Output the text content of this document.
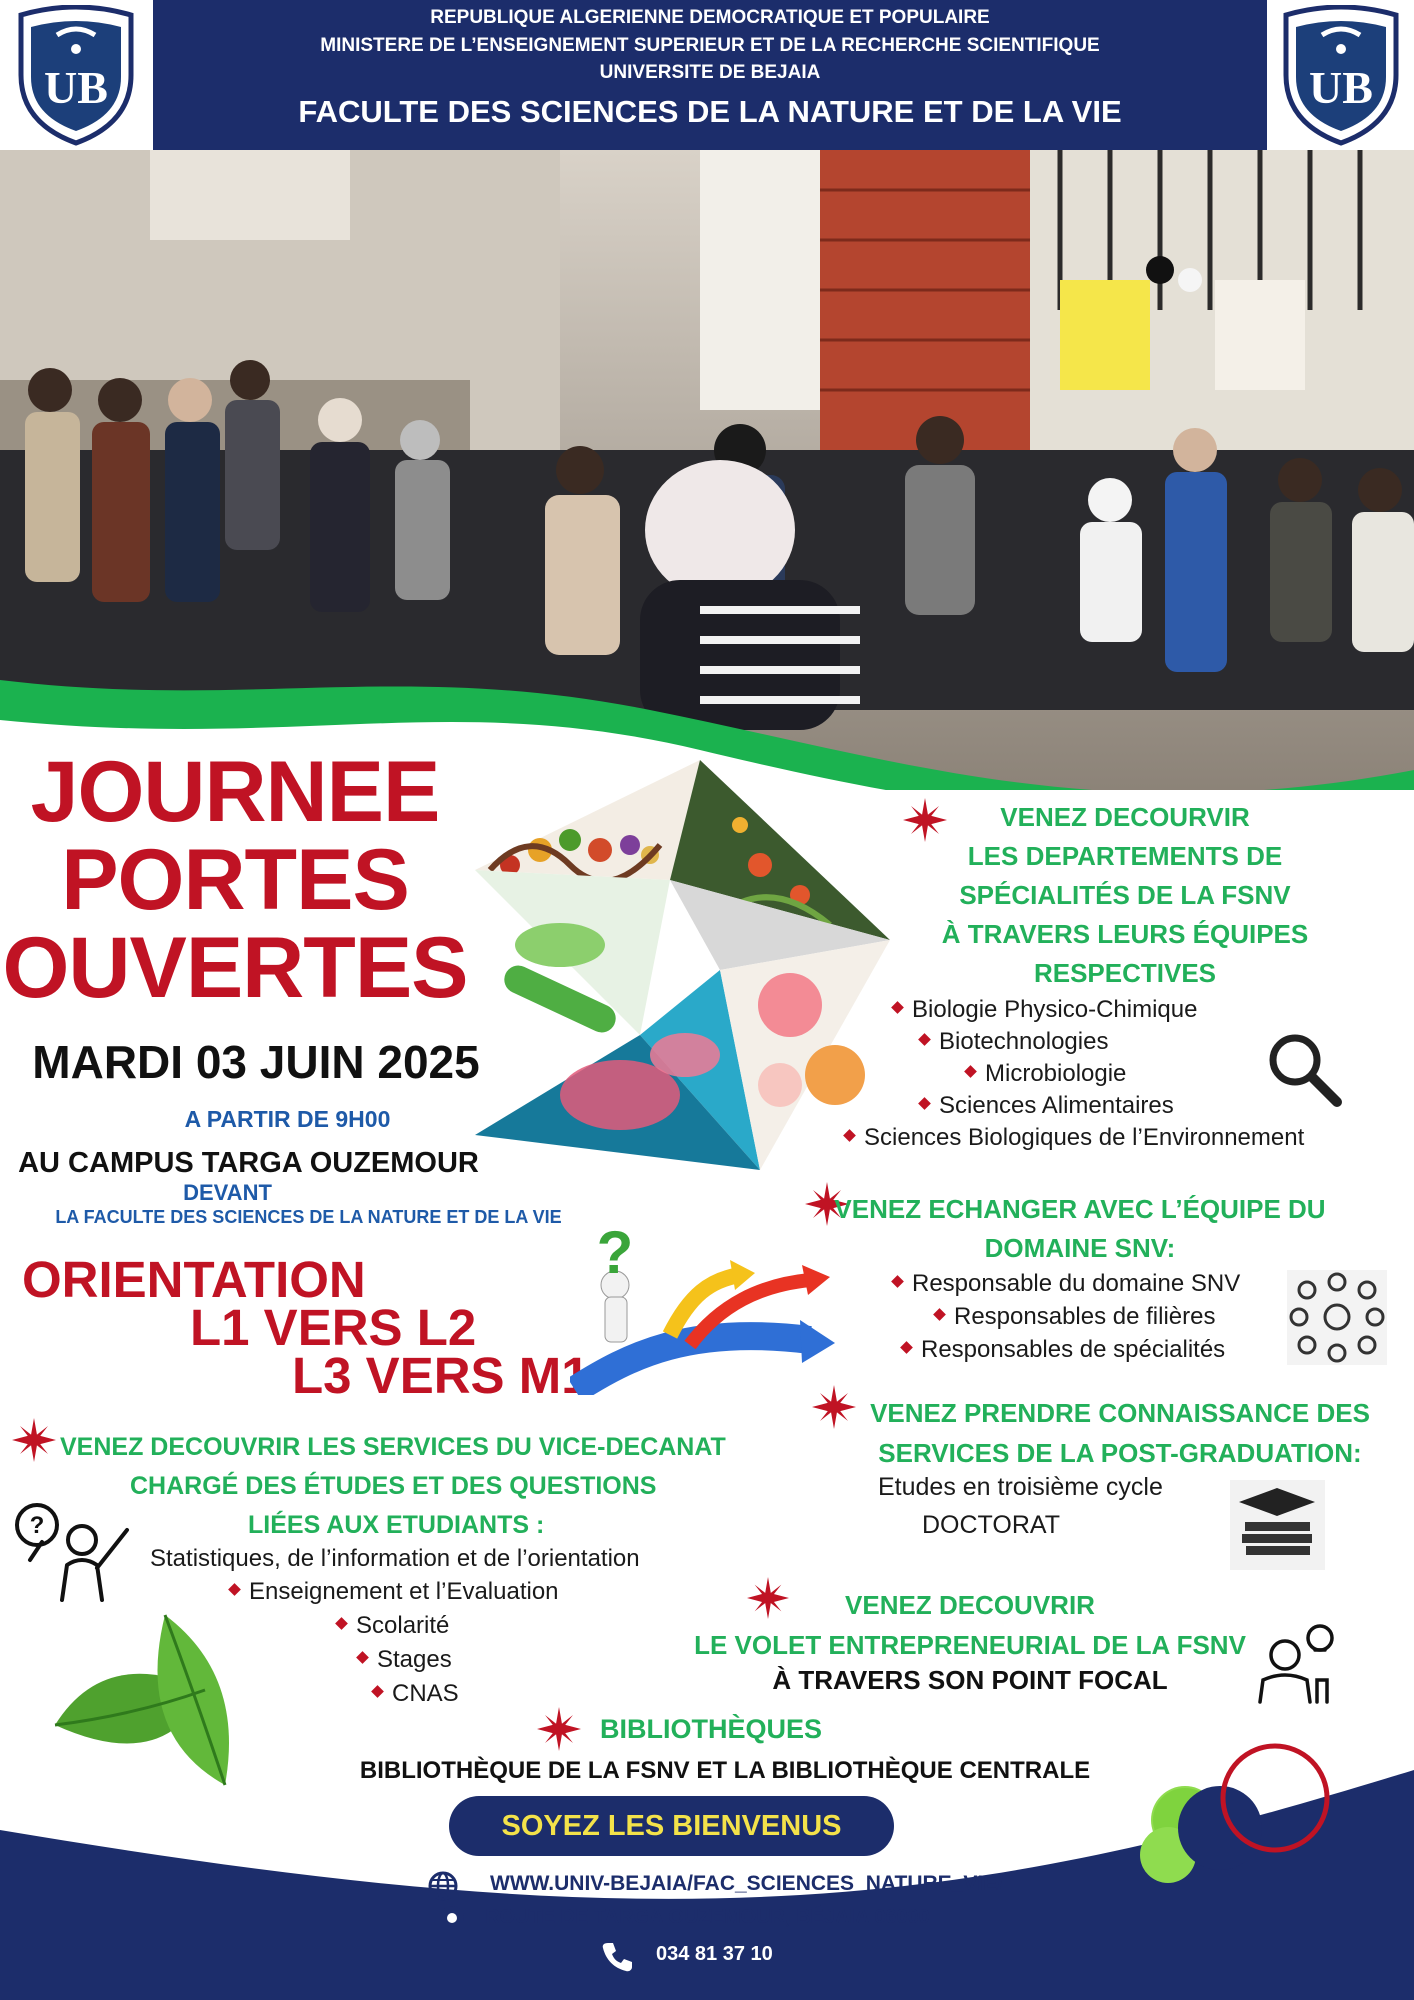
REPUBLIQUE ALGERIENNE DEMOCRATIQUE ET POPULAIRE
MINISTERE DE L’ENSEIGNEMENT SUPERIEUR ET DE LA RECHERCHE SCIENTIFIQUE
UNIVERSITE DE BEJAIA
FACULTE DES SCIENCES DE LA NATURE ET DE LA VIE
UB	UB
JOURNEE
PORTES
OUVERTES
MARDI 03 JUIN 2025
A PARTIR DE 9H00
AU CAMPUS TARGA OUZEMOUR
DEVANT
LA FACULTE DES SCIENCES DE LA NATURE ET DE LA VIE
ORIENTATION
L1 VERS L2
L3 VERS M1
?
VENEZ DECOURVIR
LES DEPARTEMENTS DE
SPÉCIALITÉS DE LA FSNV
À TRAVERS LEURS ÉQUIPES
RESPECTIVES
Biologie Physico-Chimique
Biotechnologies
Microbiologie
Sciences Alimentaires
Sciences Biologiques de l’Environnement
VENEZ ECHANGER AVEC L’ÉQUIPE DU
DOMAINE SNV:
Responsable du domaine SNV
Responsables de filières
Responsables de spécialités
VENEZ DECOUVRIR LES SERVICES DU VICE-DECANAT
CHARGÉ DES ÉTUDES ET DES QUESTIONS
LIÉES AUX ETUDIANTS :
Statistiques, de l’information et de l’orientation
Enseignement et l’Evaluation
Scolarité
Stages
CNAS
?
VENEZ PRENDRE CONNAISSANCE DES
SERVICES DE LA POST-GRADUATION:
Etudes en troisième cycle
DOCTORAT
VENEZ DECOUVRIR
LE VOLET ENTREPRENEURIAL DE LA FSNV
À TRAVERS SON POINT FOCAL
BIBLIOTHÈQUES
BIBLIOTHÈQUE DE LA FSNV ET LA BIBLIOTHÈQUE CENTRALE
SOYEZ LES BIENVENUS
WWW.UNIV-BEJAIA/FAC_SCIENCES_NATURE_VIE/
ROUTE DE TARGA OUZEMOUR, BÉJAIA 06000
034 81 37 10
